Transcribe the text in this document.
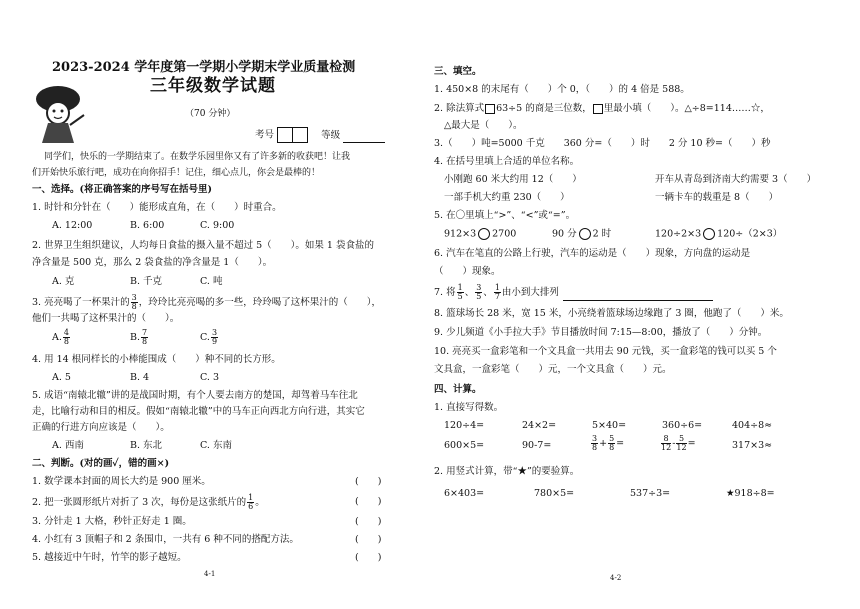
2023-2024 学年度第一学期小学期末学业质量检测
三年级数学试题
（70 分钟）
考号	等级
同学们，快乐的一学期结束了。在数学乐园里你又有了许多新的收获吧！让我
们开始快乐旅行吧，成功在向你招手！记住，细心点儿，你会是最棒的！
一、选择。(将正确答案的序号写在括号里)
1. 时针和分针在（　　）能形成直角，在（　　）时重合。
A. 12:00	B. 6:00	C. 9:00
2. 世界卫生组织建议，人均每日食盐的摄入量不超过 5（　　）。如果 1 袋食盐的
净含量是 500 克，那么 2 袋食盐的净含量是 1（　　）。
A. 克	B. 千克	C. 吨
3. 亮亮喝了一杯果汁的 $\frac{3}{8}$ ，玲玲比亮亮喝的多一些，玲玲喝了这杯果汁的（　　），
他们一共喝了这杯果汁的（　　）。
A. $\frac{4}{8}$	B. $\frac{7}{8}$	C. $\frac{3}{9}$
4. 用 14 根同样长的小棒能围成（　　）种不同的长方形。
A. 5	B. 4	C. 3
5. 成语“南辕北辙”讲的是战国时期，有个人要去南方的楚国，却驾着马车往北
走，比喻行动和目的相反。假如“南辕北辙”中的马车正向西北方向行进，其实它
正确的行进方向应该是（　　）。
A. 西南	B. 东北	C. 东南
二、判断。(对的画✓，错的画×)
1. 数学课本封面的周长大约是 900 厘米。	(　　)
2. 把一张圆形纸片对折了 3 次，每份是这张纸片的 $\frac{1}{6}$ 。	(　　)
3. 分针走 1 大格，秒针正好走 1 圈。	(　　)
4. 小红有 3 顶帽子和 2 条围巾，一共有 6 种不同的搭配方法。	(　　)
5. 越接近中午时，竹竿的影子越短。	(　　)
4-1
三、填空。
1. 450×8 的末尾有（　　）个 0，（　　）的 4 倍是 588。
2. 除法算式 63÷5 的商是三位数， 里最小填（　　）。△÷8=114……☆，
△最大是（　　）。
3.（　　）吨=5000 千克　　360 分=（　　）时　　2 分 10 秒=（　　）秒
4. 在括号里填上合适的单位名称。
小刚跑 60 米大约用 12（　　）	开车从青岛到济南大约需要 3（　　）
一部手机大约重 230（　　）	一辆卡车的载重是 8（　　）
5. 在〇里填上“>”、“<”或“=”。
912×3 2700	90 分 2 时	120÷2×3 120÷（2×3）
6. 汽车在笔直的公路上行驶，汽车的运动是（　　）现象，方向盘的运动是
（　　）现象。
7. 将 $\frac{1}{5}$ 、 $\frac{3}{5}$ 、 $\frac{1}{7}$ 由小到大排列
8. 篮球场长 28 米，宽 15 米，小亮绕着篮球场边缘跑了 3 圈，他跑了（　　）米。
9. 少儿频道《小手拉大手》节目播放时间 7:15—8:00，播放了（　　）分钟。
10. 亮亮买一盒彩笔和一个文具盒一共用去 90 元钱，买一盒彩笔的钱可以买 5 个
文具盒，一盒彩笔（　　）元，一个文具盒（　　）元。
四、计算。
1. 直接写得数。
120÷4=	24×2=	5×40=	360÷6=	404÷8≈
600×5=	90-7=	$\frac{3}{8} + \frac{5}{8}$ =	$\frac{8}{12} - \frac{5}{12}$ =	317×3≈
2. 用竖式计算，带“★”的要验算。
6×403=	780×5=	537÷3=	★918÷8=
4-2
